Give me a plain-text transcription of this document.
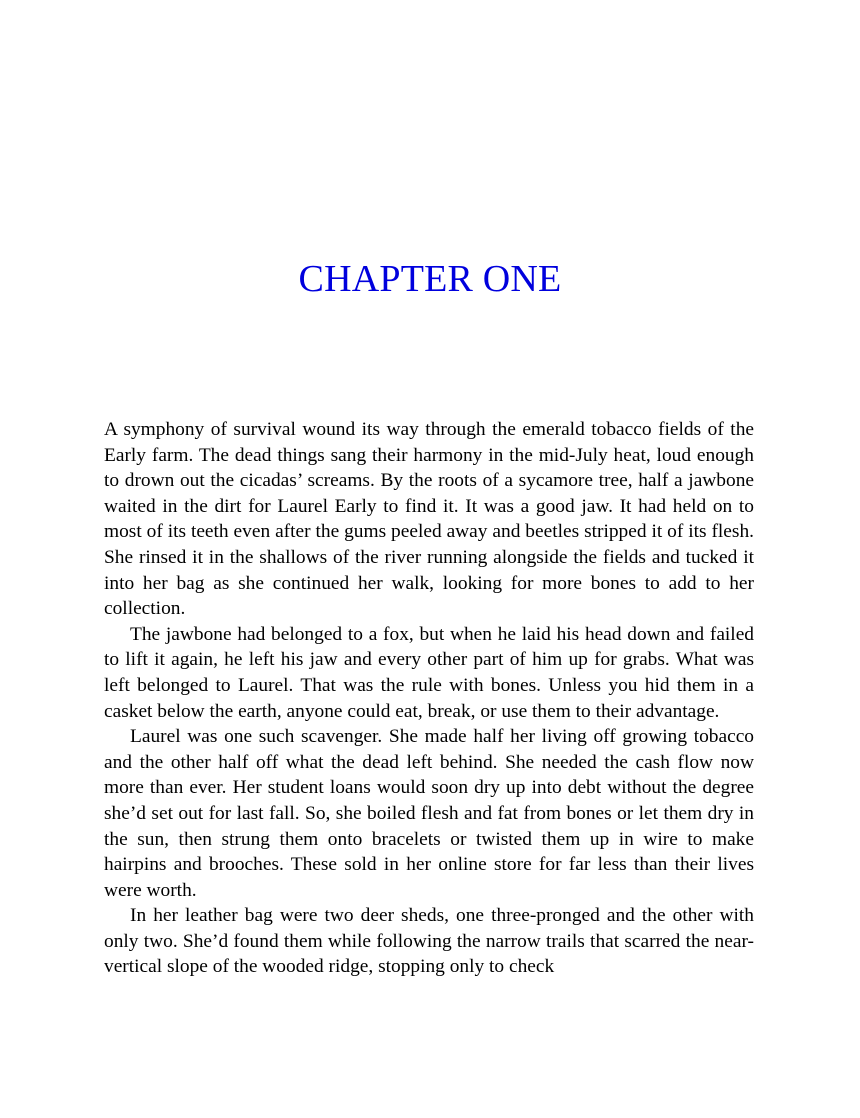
CHAPTER ONE

A symphony of survival wound its way through the emerald tobacco fields of the Early farm. The dead things sang their harmony in the mid-July heat, loud enough to drown out the cicadas’ screams. By the roots of a sycamore tree, half a jawbone waited in the dirt for Laurel Early to find it. It was a good jaw. It had held on to most of its teeth even after the gums peeled away and beetles stripped it of its flesh. She rinsed it in the shallows of the river running alongside the fields and tucked it into her bag as she continued her walk, looking for more bones to add to her collection.

The jawbone had belonged to a fox, but when he laid his head down and failed to lift it again, he left his jaw and every other part of him up for grabs. What was left belonged to Laurel. That was the rule with bones. Unless you hid them in a casket below the earth, anyone could eat, break, or use them to their advantage.

Laurel was one such scavenger. She made half her living off growing tobacco and the other half off what the dead left behind. She needed the cash flow now more than ever. Her student loans would soon dry up into debt without the degree she’d set out for last fall. So, she boiled flesh and fat from bones or let them dry in the sun, then strung them onto bracelets or twisted them up in wire to make hairpins and brooches. These sold in her online store for far less than their lives were worth.

In her leather bag were two deer sheds, one three-pronged and the other with only two. She’d found them while following the narrow trails that scarred the near-vertical slope of the wooded ridge, stopping only to check
